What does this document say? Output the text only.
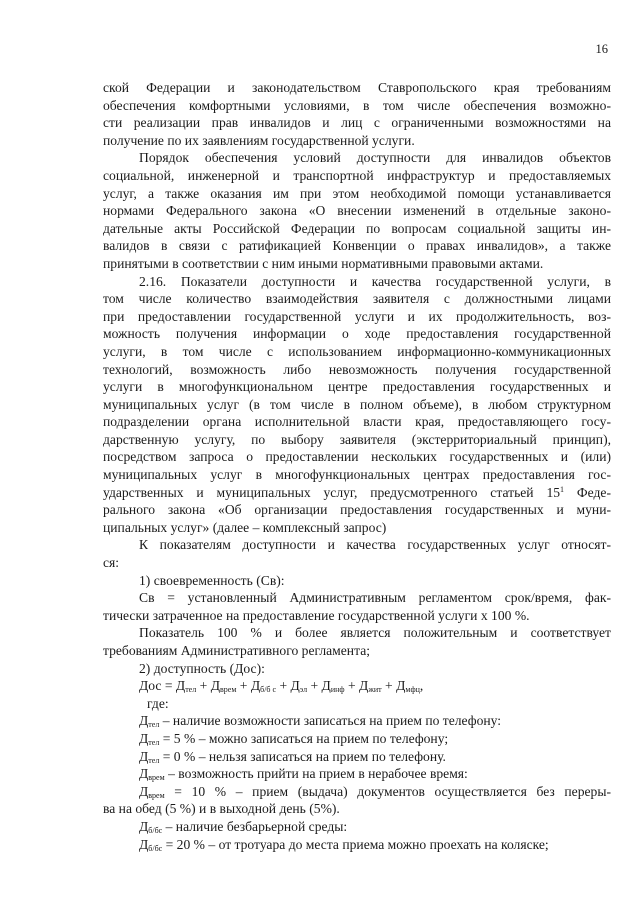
16
ской Федерации и законодательством Ставропольского края требованиям
обеспечения комфортными условиями, в том числе обеспечения возможно-
сти реализации прав инвалидов и лиц с ограниченными возможностями на
получение по их заявлениям государственной услуги.
Порядок обеспечения условий доступности для инвалидов объектов
социальной, инженерной и транспортной инфраструктур и предоставляемых
услуг, а также оказания им при этом необходимой помощи устанавливается
нормами Федерального закона «О внесении изменений в отдельные законо-
дательные акты Российской Федерации по вопросам социальной защиты ин-
валидов в связи с ратификацией Конвенции о правах инвалидов», а также
принятыми в соответствии с ним иными нормативными правовыми актами.
2.16. Показатели доступности и качества государственной услуги, в
том числе количество взаимодействия заявителя с должностными лицами
при предоставлении государственной услуги и их продолжительность, воз-
можность получения информации о ходе предоставления государственной
услуги, в том числе с использованием информационно-коммуникационных
технологий, возможность либо невозможность получения государственной
услуги в многофункциональном центре предоставления государственных и
муниципальных услуг (в том числе в полном объеме), в любом структурном
подразделении органа исполнительной власти края, предоставляющего госу-
дарственную услугу, по выбору заявителя (экстерриториальный принцип),
посредством запроса о предоставлении нескольких государственных и (или)
муниципальных услуг в многофункциональных центрах предоставления гос-
ударственных и муниципальных услуг, предусмотренного статьей $15^1$ Феде-
рального закона «Об организации предоставления государственных и муни-
ципальных услуг» (далее – комплексный запрос)
К показателям доступности и качества государственных услуг относят-
ся:
1) своевременность (Св):
Св = установленный Административным регламентом срок/время, фак-
тически затраченное на предоставление государственной услуги х 100 %.
Показатель 100 % и более является положительным и соответствует
требованиям Административного регламента;
2) доступность (Дос):
Дос = $Д_{тел} + Д_{врем} + Д_{б/б с} + Д_{эл} + Д_{инф} + Д_{жит} + Д_{мфц}$,
где:
$Д_{тел}$ – наличие возможности записаться на прием по телефону:
$Д_{тел} = 5$ % – можно записаться на прием по телефону;
$Д_{тел} = 0$ % – нельзя записаться на прием по телефону.
$Д_{врем}$ – возможность прийти на прием в нерабочее время:
$Д_{врем} = 10$ % – прием (выдача) документов осуществляется без переры-
ва на обед (5 %) и в выходной день (5%).
$Д_{б/бс}$ – наличие безбарьерной среды:
$Д_{б/бс} = 20$ % – от тротуара до места приема можно проехать на коляске;
